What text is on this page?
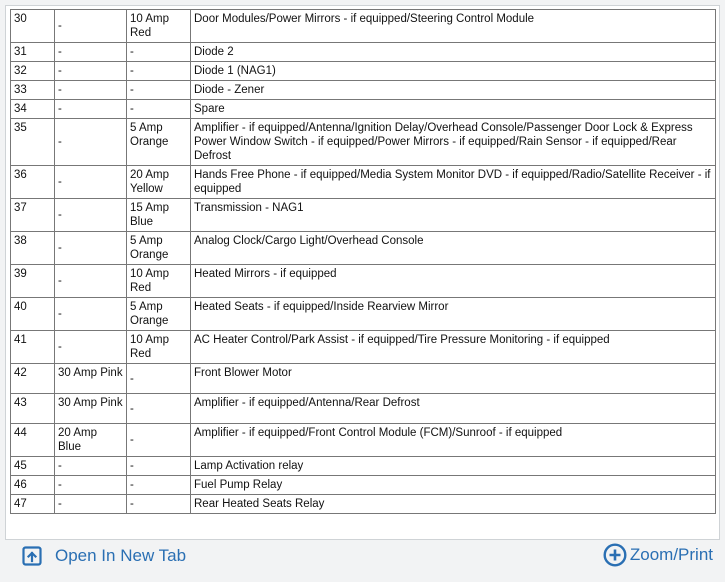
30	-	10 Amp Red	Door Modules/Power Mirrors - if equipped/Steering Control Module
31	-	-	Diode 2
32	-	-	Diode 1 (NAG1)
33	-	-	Diode - Zener
34	-	-	Spare
35	-	5 Amp Orange	Amplifier - if equipped/Antenna/Ignition Delay/Overhead Console/Passenger Door Lock & Express Power Window Switch - if equipped/Power Mirrors - if equipped/Rain Sensor - if equipped/Rear Defrost
36	-	20 Amp Yellow	Hands Free Phone - if equipped/Media System Monitor DVD - if equipped/Radio/Satellite Receiver - if equipped
37	-	15 Amp Blue	Transmission - NAG1
38	-	5 Amp Orange	Analog Clock/Cargo Light/Overhead Console
39	-	10 Amp Red	Heated Mirrors - if equipped
40	-	5 Amp Orange	Heated Seats - if equipped/Inside Rearview Mirror
41	-	10 Amp Red	AC Heater Control/Park Assist - if equipped/Tire Pressure Monitoring - if equipped
42	30 Amp Pink	-	Front Blower Motor
43	30 Amp Pink	-	Amplifier - if equipped/Antenna/Rear Defrost
44	20 Amp Blue	-	Amplifier - if equipped/Front Control Module (FCM)/Sunroof - if equipped
45	-	-	Lamp Activation relay
46	-	-	Fuel Pump Relay
47	-	-	Rear Heated Seats Relay
Open In New Tab	Zoom/Print
